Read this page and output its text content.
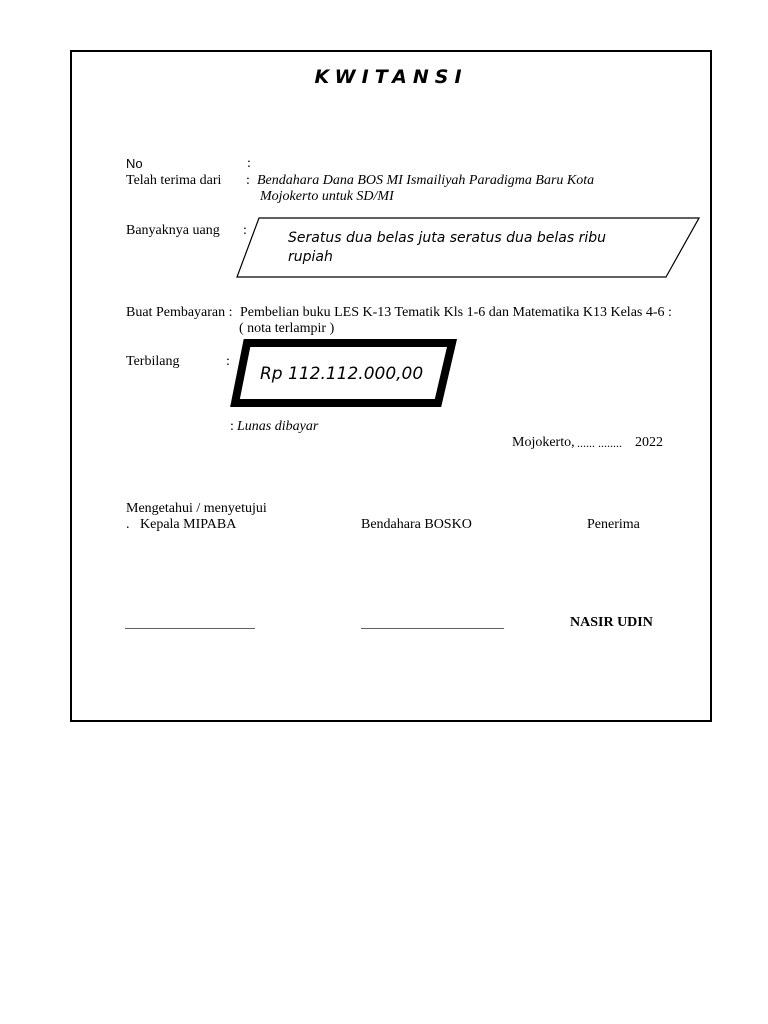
KWITANSI
No	:
Telah terima dari : Bendahara Dana BOS MI Ismailiyah Paradigma Baru Kota
Mojokerto untuk SD/MI
Banyaknya uang :	Seratus dua belas juta seratus dua belas ribu rupiah
Buat Pembayaran : Pembelian buku LES K-13 Tematik Kls 1-6 dan Matematika K13 Kelas 4-6 :
( nota terlampir )
Terbilang	:
Rp 112.112.000,00
: Lunas dibayar
Mojokerto, ...... ........ 2022
Mengetahui / menyetujui
. Kepala MIPABA	Bendahara BOSKO	Penerima
____________________	______________________	NASIR UDIN
